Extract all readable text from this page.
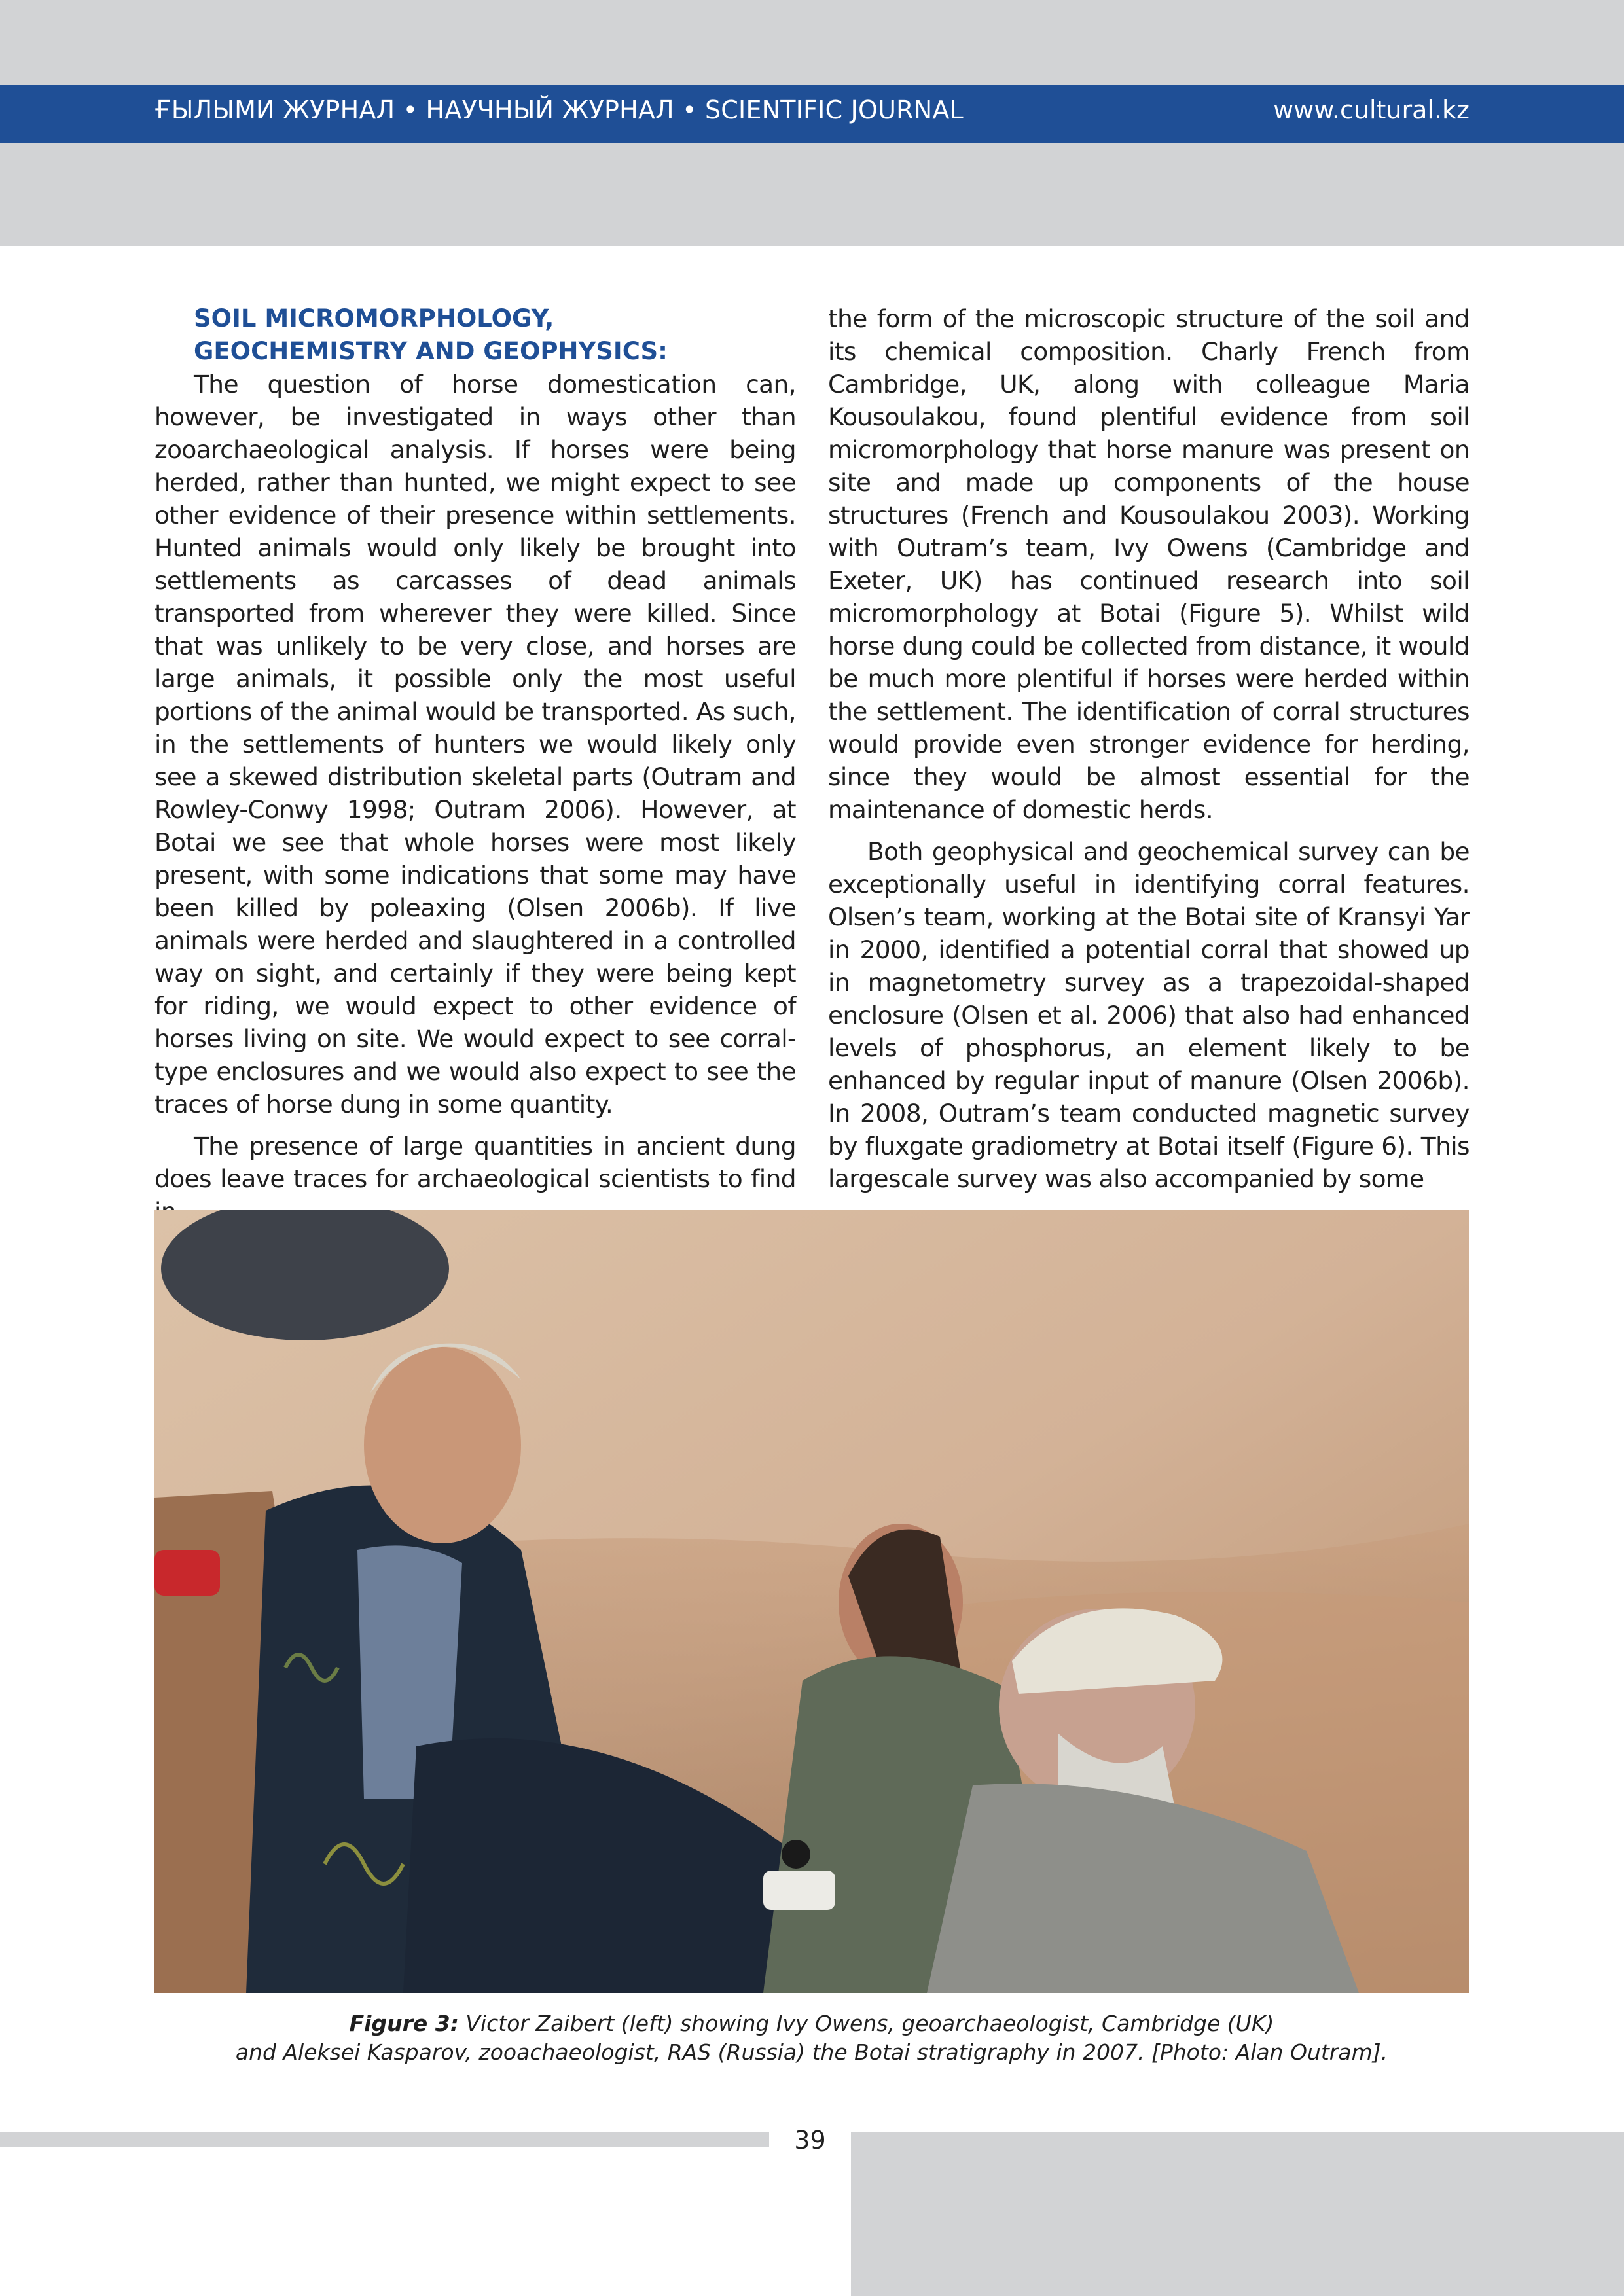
ҒЫЛЫМИ ЖУРНАЛ • НАУЧНЫЙ ЖУРНАЛ • SCIENTIFIC JOURNAL	www.cultural.kz
SOIL MICROMORPHOLOGY,
GEOCHEMISTRY AND GEOPHYSICS:

The question of horse domestication can, however, be investigated in ways other than zooarchaeological analysis. If horses were being herded, rather than hunted, we might expect to see other evidence of their presence within settlements. Hunted animals would only likely be brought into settlements as carcasses of dead animals transported from wherever they were killed. Since that was unlikely to be very close, and horses are large animals, it possible only the most useful portions of the animal would be transported. As such, in the settlements of hunters we would likely only see a skewed distribution skeletal parts (Outram and Rowley-Conwy 1998; Outram 2006). However, at Botai we see that whole horses were most likely present, with some indications that some may have been killed by poleaxing (Olsen 2006b). If live animals were herded and slaughtered in a controlled way on sight, and certainly if they were being kept for riding, we would expect to other evidence of horses living on site. We would expect to see corral-type enclosures and we would also expect to see the traces of horse dung in some quantity.

The presence of large quantities in ancient dung does leave traces for archaeological scientists to find

the form of the microscopic structure of the soil and its chemical composition. Charly French from Cambridge, UK, along with colleague Maria Kousoulakou, found plentiful evidence from soil micromorphology that horse manure was present on site and made up components of the house structures (French and Kousoulakou 2003). Working with Outram’s team, Ivy Owens (Cambridge and Exeter, UK) has continued research into soil micromorphology at Botai (Figure 5). Whilst wild horse dung could be collected from distance, it would be much more plentiful if horses were herded within the settlement. The identification of corral structures would provide even stronger evidence for herding, since they would be almost essential for the maintenance of domestic herds.

Both geophysical and geochemical survey can be exceptionally useful in identifying corral features. Olsen’s team, working at the Botai site of Kransyi Yar in 2000, identified a potential corral that showed up in magnetometry survey as a trapezoidal-shaped enclosure (Olsen et al. 2006) that also had enhanced levels of phosphorus, an element likely to be enhanced by regular input of manure (Olsen 2006b). In 2008, Outram’s team conducted magnetic survey by fluxgate gradiometry at Botai itself (Figure 6). This largescale survey was also accompanied by some

Figure 3: Victor Zaibert (left) showing Ivy Owens, geoarchaeologist, Cambridge (UK)
and Aleksei Kasparov, zooachaeologist, RAS (Russia) the Botai stratigraphy in 2007. [Photo: Alan Outram].
39
